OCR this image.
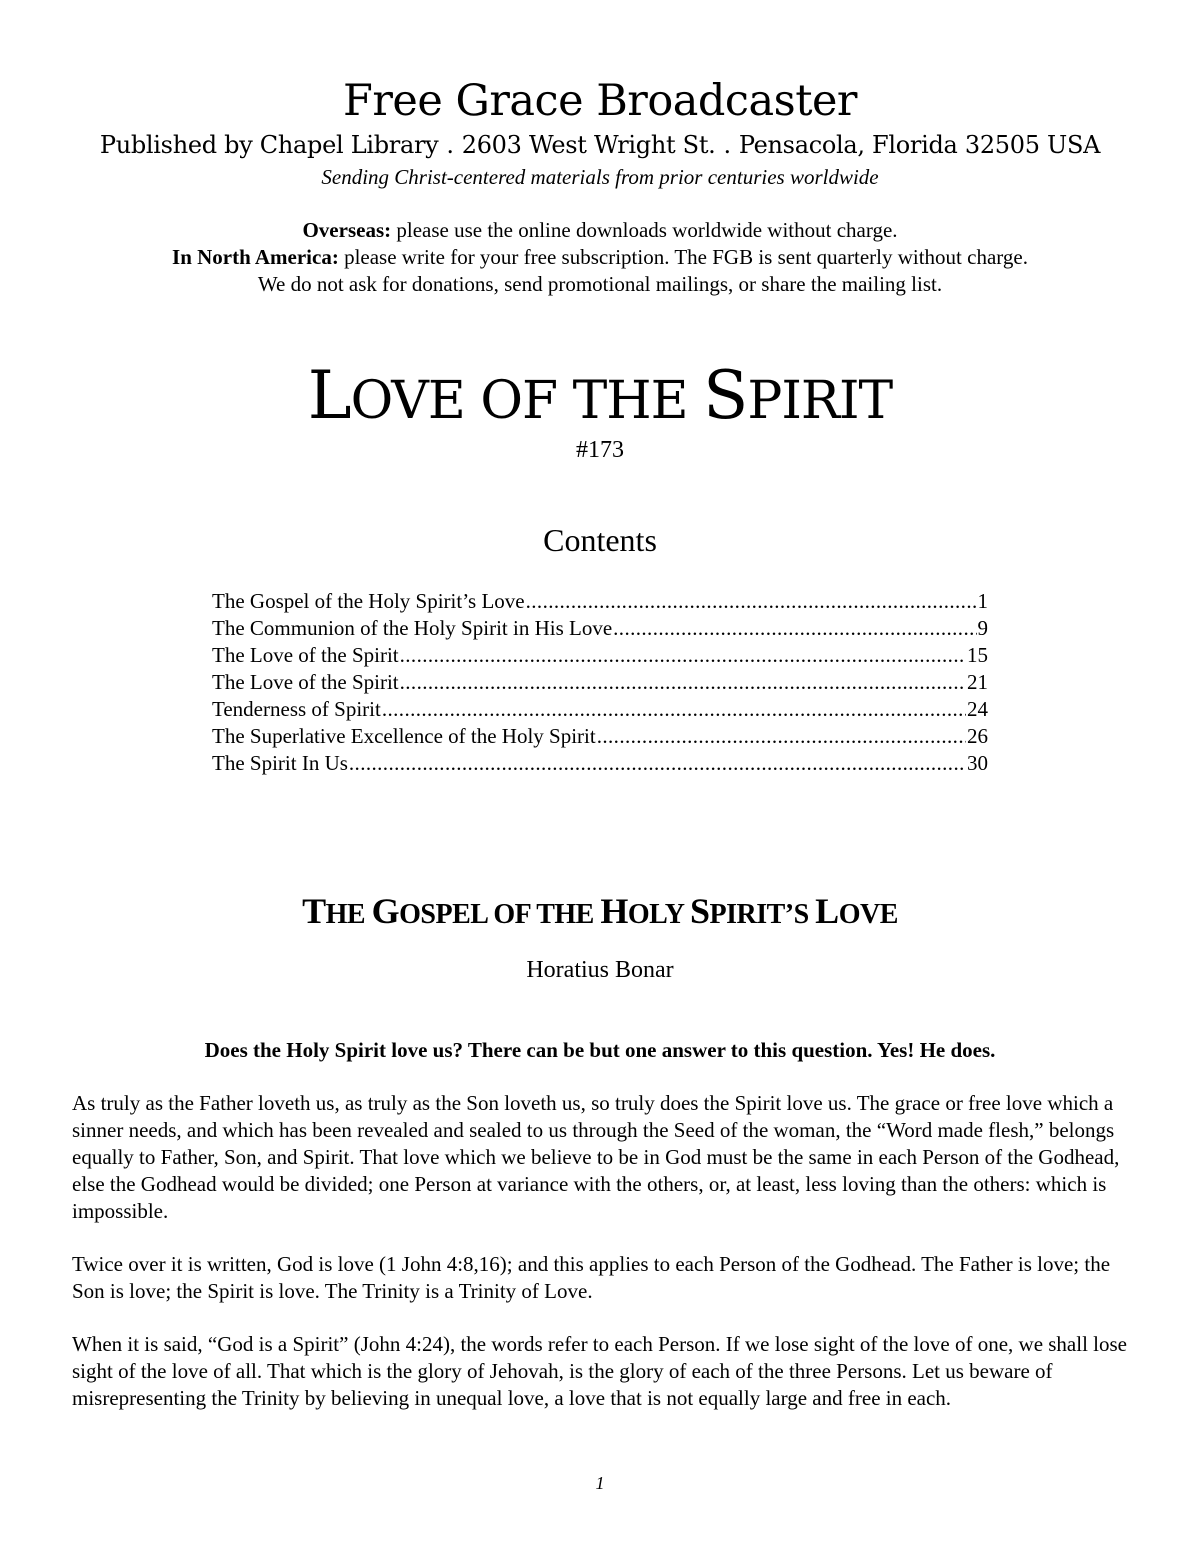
Free Grace Broadcaster
Published by Chapel Library . 2603 West Wright St. . Pensacola, Florida 32505 USA
Sending Christ-centered materials from prior centuries worldwide
Overseas: please use the online downloads worldwide without charge.
In North America: please write for your free subscription. The FGB is sent quarterly without charge.
We do not ask for donations, send promotional mailings, or share the mailing list.
LOVE OF THE SPIRIT
#173
Contents
The Gospel of the Holy Spirit’s Love .....	1
The Communion of the Holy Spirit in His Love .....	9
The Love of the Spirit .....	15
The Love of the Spirit .....	21
Tenderness of Spirit .....	24
The Superlative Excellence of the Holy Spirit .....	26
The Spirit In Us .....	30
THE GOSPEL OF THE HOLY SPIRIT’S LOVE
Horatius Bonar
Does the Holy Spirit love us? There can be but one answer to this question. Yes! He does.

As truly as the Father loveth us, as truly as the Son loveth us, so truly does the Spirit love us. The grace or free love which a sinner needs, and which has been revealed and sealed to us through the Seed of the woman, the “Word made flesh,” belongs equally to Father, Son, and Spirit. That love which we believe to be in God must be the same in each Person of the Godhead, else the Godhead would be divided; one Person at variance with the others, or, at least, less loving than the others: which is impossible.

Twice over it is written, God is love (1 John 4:8,16); and this applies to each Person of the Godhead. The Father is love; the Son is love; the Spirit is love. The Trinity is a Trinity of Love.

When it is said, “God is a Spirit” (John 4:24), the words refer to each Person. If we lose sight of the love of one, we shall lose sight of the love of all. That which is the glory of Jehovah, is the glory of each of the three Persons. Let us beware of misrepresenting the Trinity by believing in unequal love, a love that is not equally large and free in each.

1
